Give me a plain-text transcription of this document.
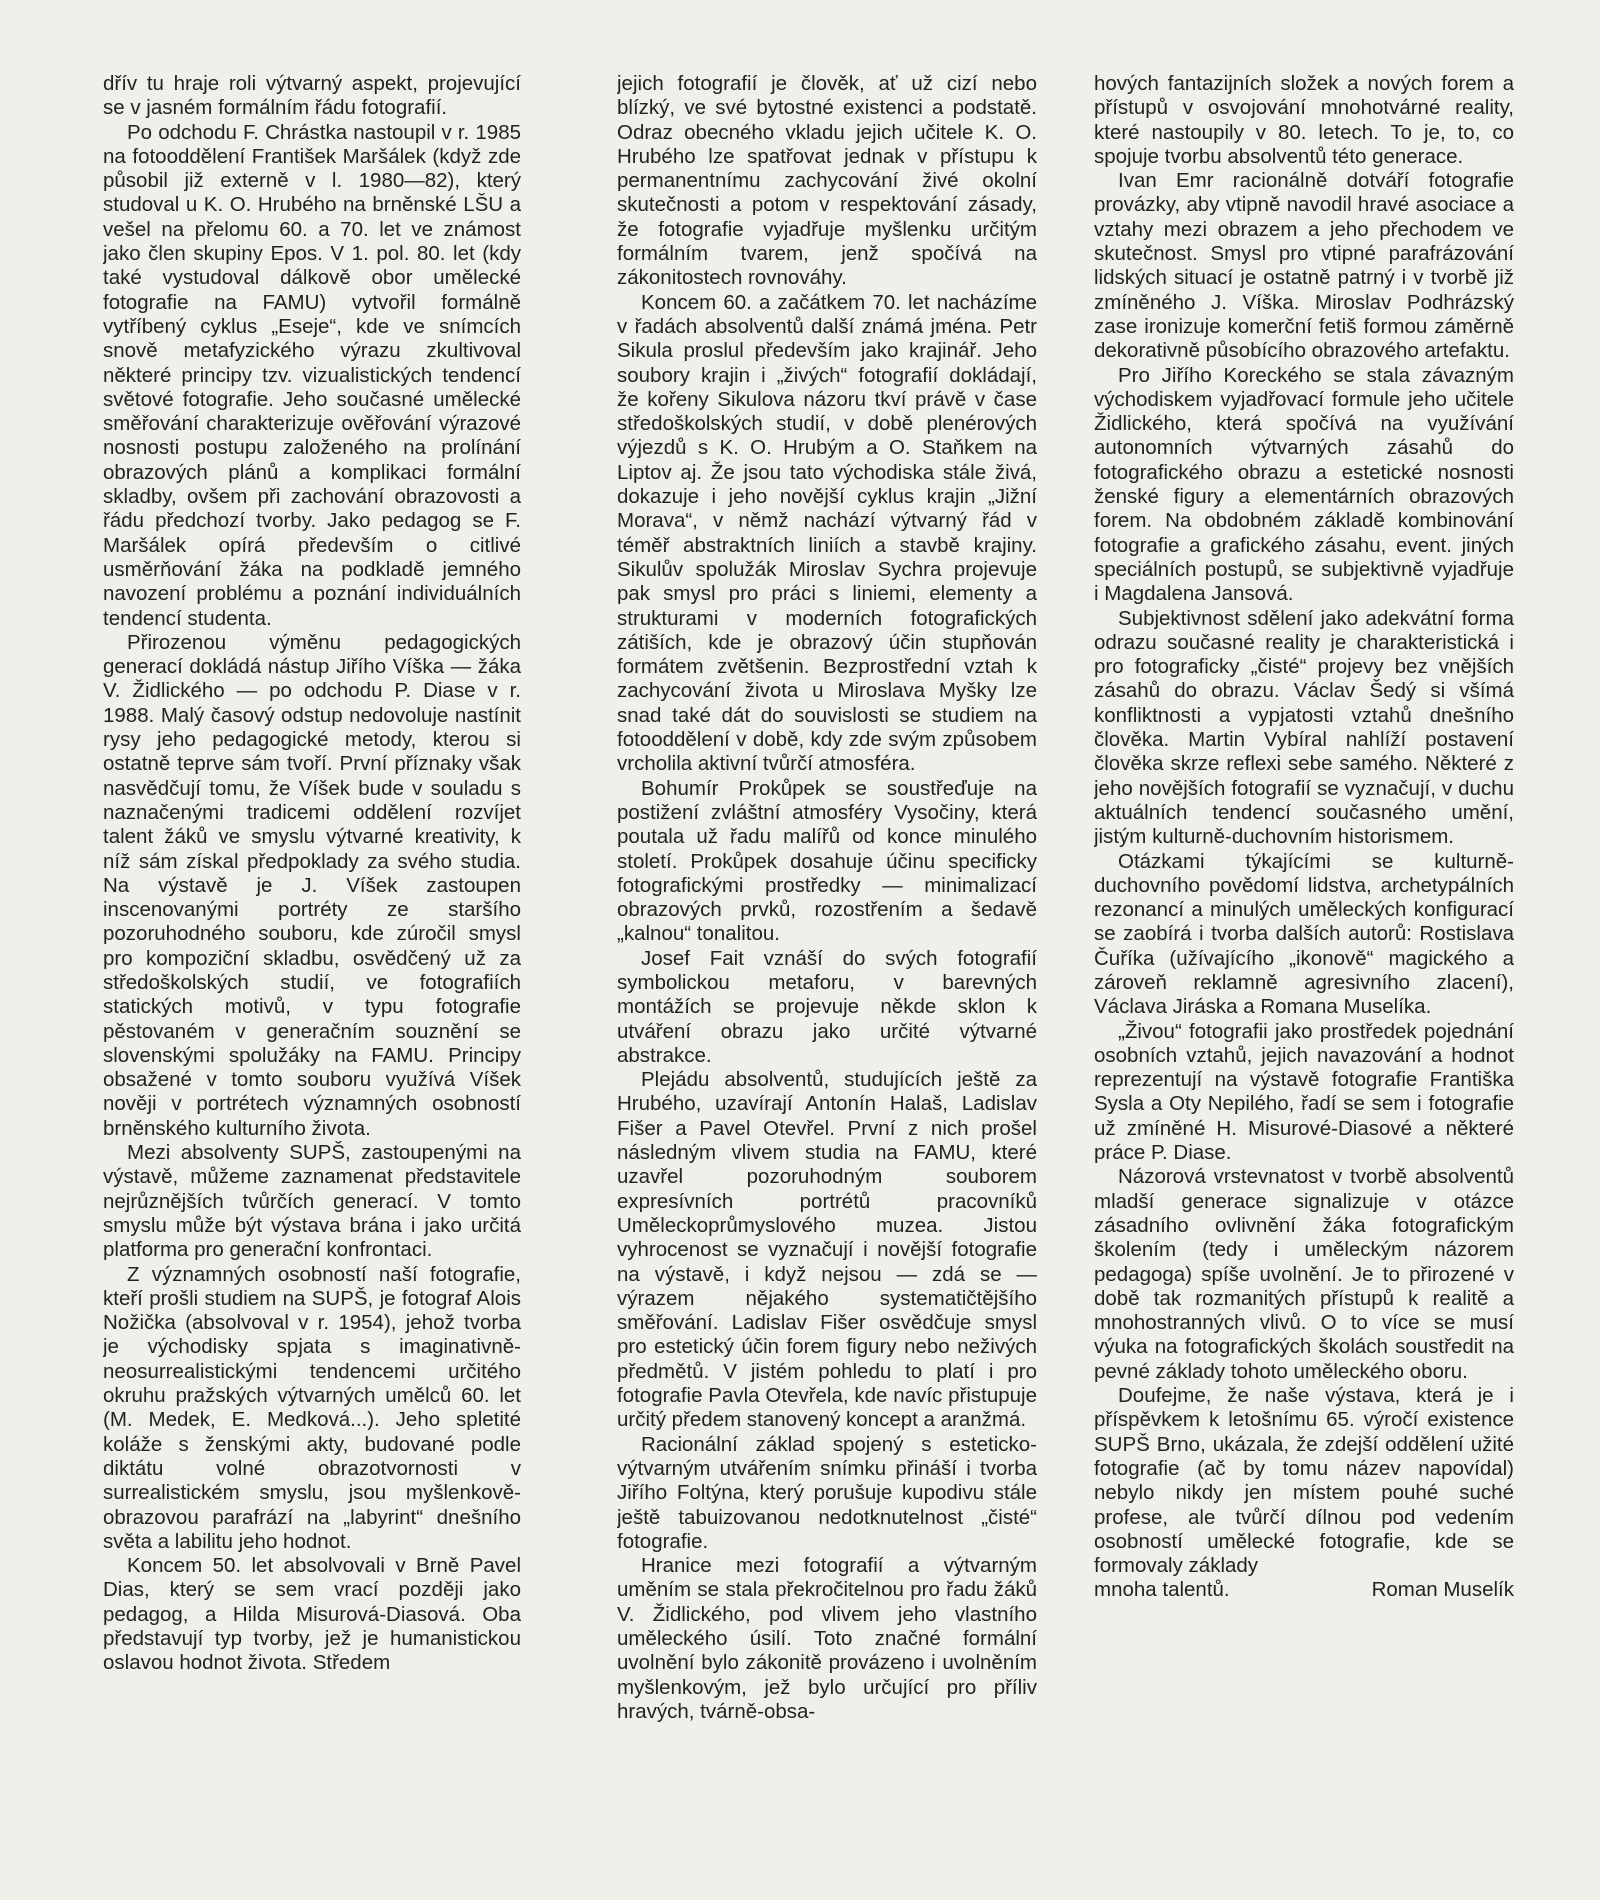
dřív tu hraje roli výtvarný aspekt, projevující se v jasném formálním řádu fotografií.

Po odchodu F. Chrástka nastoupil v r. 1985 na fotooddělení František Maršálek (když zde působil již externě v l. 1980—82), který studoval u K. O. Hrubého na brněnské LŠU a vešel na přelomu 60. a 70. let ve známost jako člen skupiny Epos. V 1. pol. 80. let (kdy také vystudoval dálkově obor umělecké fotografie na FAMU) vytvořil formálně vytříbený cyklus „Eseje“, kde ve snímcích snově metafyzického výrazu zkultivoval některé principy tzv. vizualistických tendencí světové fotografie. Jeho současné umělecké směřování charakterizuje ověřování výrazové nosnosti postupu založeného na prolínání obrazových plánů a komplikaci formální skladby, ovšem při zachování obrazovosti a řádu předchozí tvorby. Jako pedagog se F. Maršálek opírá především o citlivé usměrňování žáka na podkladě jemného navození problému a poznání individuálních tendencí studenta.

Přirozenou výměnu pedagogických generací dokládá nástup Jiřího Víška — žáka V. Židlického — po odchodu P. Diase v r. 1988. Malý časový odstup nedovoluje nastínit rysy jeho pedagogické metody, kterou si ostatně teprve sám tvoří. První příznaky však nasvědčují tomu, že Víšek bude v souladu s naznačenými tradicemi oddělení rozvíjet talent žáků ve smyslu výtvarné kreativity, k níž sám získal předpoklady za svého studia. Na výstavě je J. Víšek zastoupen inscenovanými portréty ze staršího pozoruhodného souboru, kde zúročil smysl pro kompoziční skladbu, osvědčený už za středoškolských studií, ve fotografiích statických motivů, v typu fotografie pěstovaném v generačním souznění se slovenskými spolužáky na FAMU. Principy obsažené v tomto souboru využívá Víšek nověji v portrétech významných osobností brněnského kulturního života.

Mezi absolventy SUPŠ, zastoupenými na výstavě, můžeme zaznamenat představitele nejrůznějších tvůrčích generací. V tomto smyslu může být výstava brána i jako určitá platforma pro generační konfrontaci.

Z významných osobností naší fotografie, kteří prošli studiem na SUPŠ, je fotograf Alois Nožička (absolvoval v r. 1954), jehož tvorba je východisky spjata s imaginativně-neosurrealistickými tendencemi určitého okruhu pražských výtvarných umělců 60. let (M. Medek, E. Medková...). Jeho spletité koláže s ženskými akty, budované podle diktátu volné obrazotvornosti v surrealistickém smyslu, jsou myšlenkově-obrazovou parafrází na „labyrint“ dnešního světa a labilitu jeho hodnot.

Koncem 50. let absolvovali v Brně Pavel Dias, který se sem vrací později jako pedagog, a Hilda Misurová-Diasová. Oba představují typ tvorby, jež je humanistickou oslavou hodnot života. Středem

jejich fotografií je člověk, ať už cizí nebo blízký, ve své bytostné existenci a podstatě. Odraz obecného vkladu jejich učitele K. O. Hrubého lze spatřovat jednak v přístupu k permanentnímu zachycování živé okolní skutečnosti a potom v respektování zásady, že fotografie vyjadřuje myšlenku určitým formálním tvarem, jenž spočívá na zákonitostech rovnováhy.

Koncem 60. a začátkem 70. let nacházíme v řadách absolventů další známá jména. Petr Sikula proslul především jako krajinář. Jeho soubory krajin i „živých“ fotografií dokládají, že kořeny Sikulova názoru tkví právě v čase středoškolských studií, v době plenérových výjezdů s K. O. Hrubým a O. Staňkem na Liptov aj. Že jsou tato východiska stále živá, dokazuje i jeho novější cyklus krajin „Jižní Morava“, v němž nachází výtvarný řád v téměř abstraktních liniích a stavbě krajiny. Sikulův spolužák Miroslav Sychra projevuje pak smysl pro práci s liniemi, elementy a strukturami v moderních fotografických zátiších, kde je obrazový účin stupňován formátem zvětšenin. Bezprostřední vztah k zachycování života u Miroslava Myšky lze snad také dát do souvislosti se studiem na fotooddělení v době, kdy zde svým způsobem vrcholila aktivní tvůrčí atmosféra.

Bohumír Prokůpek se soustřeďuje na postižení zvláštní atmosféry Vysočiny, která poutala už řadu malířů od konce minulého století. Prokůpek dosahuje účinu specificky fotografickými prostředky — minimalizací obrazových prvků, rozostřením a šedavě „kalnou“ tonalitou.

Josef Fait vznáší do svých fotografií symbolickou metaforu, v barevných montážích se projevuje někde sklon k utváření obrazu jako určité výtvarné abstrakce.

Plejádu absolventů, studujících ještě za Hrubého, uzavírají Antonín Halaš, Ladislav Fišer a Pavel Otevřel. První z nich prošel následným vlivem studia na FAMU, které uzavřel pozoruhodným souborem expresívních portrétů pracovníků Uměleckoprůmyslového muzea. Jistou vyhrocenost se vyznačují i novější fotografie na výstavě, i když nejsou — zdá se — výrazem nějakého systematičtějšího směřování. Ladislav Fišer osvědčuje smysl pro estetický účin forem figury nebo neživých předmětů. V jistém pohledu to platí i pro fotografie Pavla Otevřela, kde navíc přistupuje určitý předem stanovený koncept a aranžmá.

Racionální základ spojený s esteticko-výtvarným utvářením snímku přináší i tvorba Jiřího Foltýna, který porušuje kupodivu stále ještě tabuizovanou nedotknutelnost „čisté“ fotografie.

Hranice mezi fotografií a výtvarným uměním se stala překročitelnou pro řadu žáků V. Židlického, pod vlivem jeho vlastního uměleckého úsilí. Toto značné formální uvolnění bylo zákonitě provázeno i uvolněním myšlenkovým, jež bylo určující pro příliv hravých, tvárně-obsa-

hových fantazijních složek a nových forem a přístupů v osvojování mnohotvárné reality, které nastoupily v 80. letech. To je, to, co spojuje tvorbu absolventů této generace.

Ivan Emr racionálně dotváří fotografie provázky, aby vtipně navodil hravé asociace a vztahy mezi obrazem a jeho přechodem ve skutečnost. Smysl pro vtipné parafrázování lidských situací je ostatně patrný i v tvorbě již zmíněného J. Víška. Miroslav Podhrázský zase ironizuje komerční fetiš formou záměrně dekorativně působícího obrazového artefaktu.

Pro Jiřího Koreckého se stala závazným východiskem vyjadřovací formule jeho učitele Židlického, která spočívá na využívání autonomních výtvarných zásahů do fotografického obrazu a estetické nosnosti ženské figury a elementárních obrazových forem. Na obdobném základě kombinování fotografie a grafického zásahu, event. jiných speciálních postupů, se subjektivně vyjadřuje i Magdalena Jansová.

Subjektivnost sdělení jako adekvátní forma odrazu současné reality je charakteristická i pro fotograficky „čisté“ projevy bez vnějších zásahů do obrazu. Václav Šedý si všímá konfliktnosti a vypjatosti vztahů dnešního člověka. Martin Vybíral nahlíží postavení člověka skrze reflexi sebe samého. Některé z jeho novějších fotografií se vyznačují, v duchu aktuálních tendencí současného umění, jistým kulturně-duchovním historismem.

Otázkami týkajícími se kulturně-duchovního povědomí lidstva, archetypálních rezonancí a minulých uměleckých konfigurací se zaobírá i tvorba dalších autorů: Rostislava Čuříka (užívajícího „ikonově“ magického a zároveň reklamně agresivního zlacení), Václava Jiráska a Romana Muselíka.

„Živou“ fotografii jako prostředek pojednání osobních vztahů, jejich navazování a hodnot reprezentují na výstavě fotografie Františka Sysla a Oty Nepilého, řadí se sem i fotografie už zmíněné H. Misurové-Diasové a některé práce P. Diase.

Názorová vrstevnatost v tvorbě absolventů mladší generace signalizuje v otázce zásadního ovlivnění žáka fotografickým školením (tedy i uměleckým názorem pedagoga) spíše uvolnění. Je to přirozené v době tak rozmanitých přístupů k realitě a mnohostranných vlivů. O to více se musí výuka na fotografických školách soustředit na pevné základy tohoto uměleckého oboru.

Doufejme, že naše výstava, která je i příspěvkem k letošnímu 65. výročí existence SUPŠ Brno, ukázala, že zdejší oddělení užité fotografie (ač by tomu název napovídal) nebylo nikdy jen místem pouhé suché profese, ale tvůrčí dílnou pod vedením osobností umělecké fotografie, kde se formovaly základy

mnoha talentů.	Roman Muselík
